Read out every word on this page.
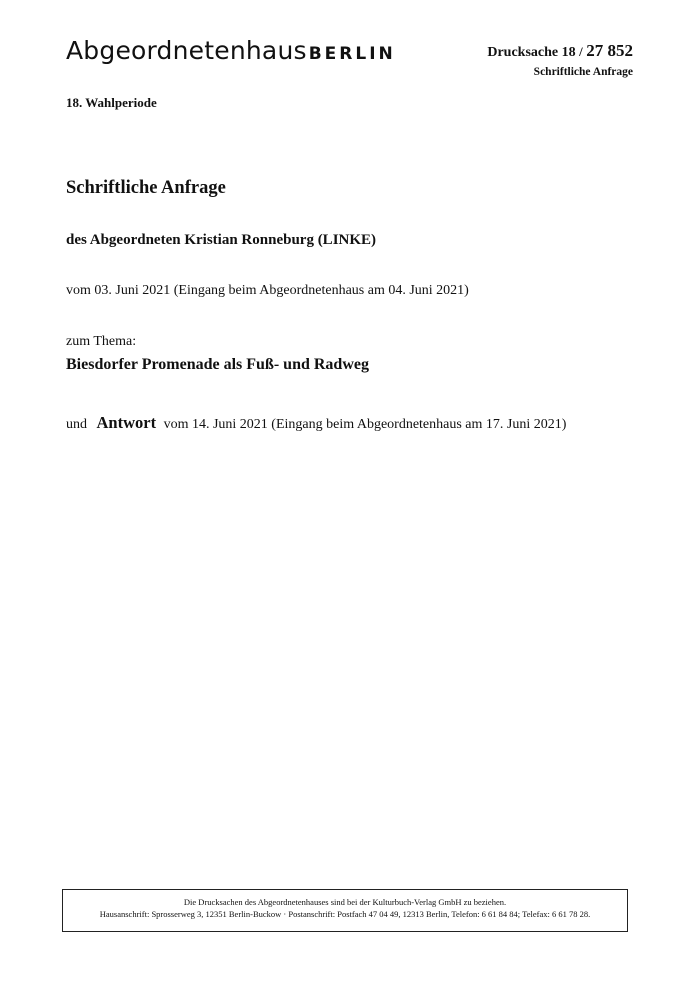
Abgeordnetenhaus BERLIN	Drucksache 18 / 27 852
Schriftliche Anfrage
18. Wahlperiode
Schriftliche Anfrage
des Abgeordneten Kristian Ronneburg (LINKE)
vom 03. Juni 2021 (Eingang beim Abgeordnetenhaus am 04. Juni 2021)
zum Thema:
Biesdorfer Promenade als Fuß- und Radweg
und Antwort vom 14. Juni 2021 (Eingang beim Abgeordnetenhaus am 17. Juni 2021)
Die Drucksachen des Abgeordnetenhauses sind bei der Kulturbuch-Verlag GmbH zu beziehen.
Hausanschrift: Sprosserweg 3, 12351 Berlin-Buckow · Postanschrift: Postfach 47 04 49, 12313 Berlin, Telefon: 6 61 84 84; Telefax: 6 61 78 28.
